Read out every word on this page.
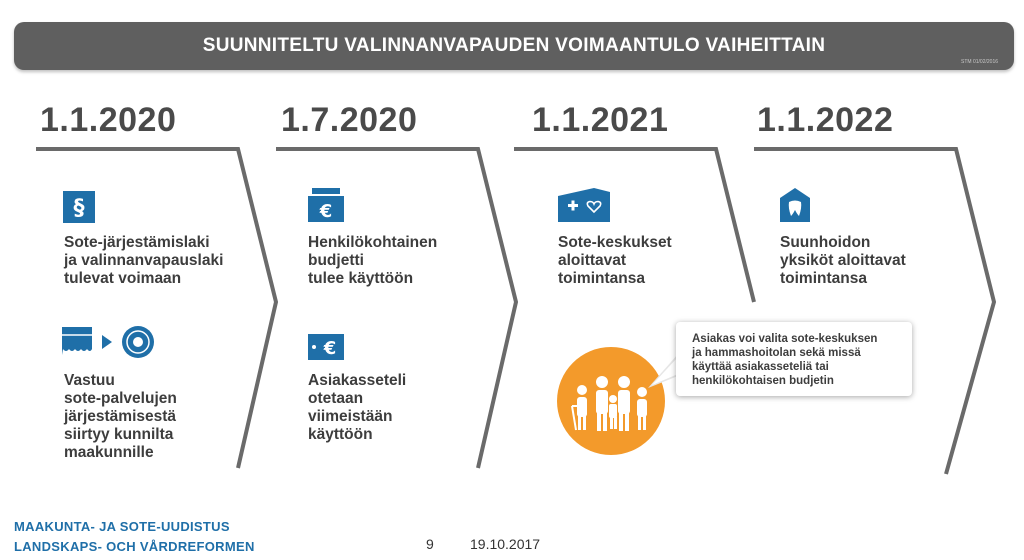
SUUNNITELTU VALINNANVAPAUDEN VOIMAANTULO VAIHEITTAIN
STM 01/02/2016
1.1.2020	1.7.2020	1.1.2021	1.1.2022
§
Sote-järjestämislaki
ja valinnanvapauslaki
tulevat voimaan
Vastuu
sote-palvelujen
järjestämisestä
siirtyy kunnilta
maakunnille
€
Henkilökohtainen
budjetti
tulee käyttöön
€
Asiakasseteli
otetaan
viimeistään
käyttöön
Sote-keskukset
aloittavat
toimintansa
Suunhoidon
yksiköt aloittavat
toimintansa
Asiakas voi valita sote-keskuksen
ja hammashoitolan sekä missä
käyttää asiakasseteliä tai
henkilökohtaisen budjetin
MAAKUNTA- JA SOTE-UUDISTUS
LANDSKAPS- OCH VÅRDREFORMEN	9	19.10.2017
